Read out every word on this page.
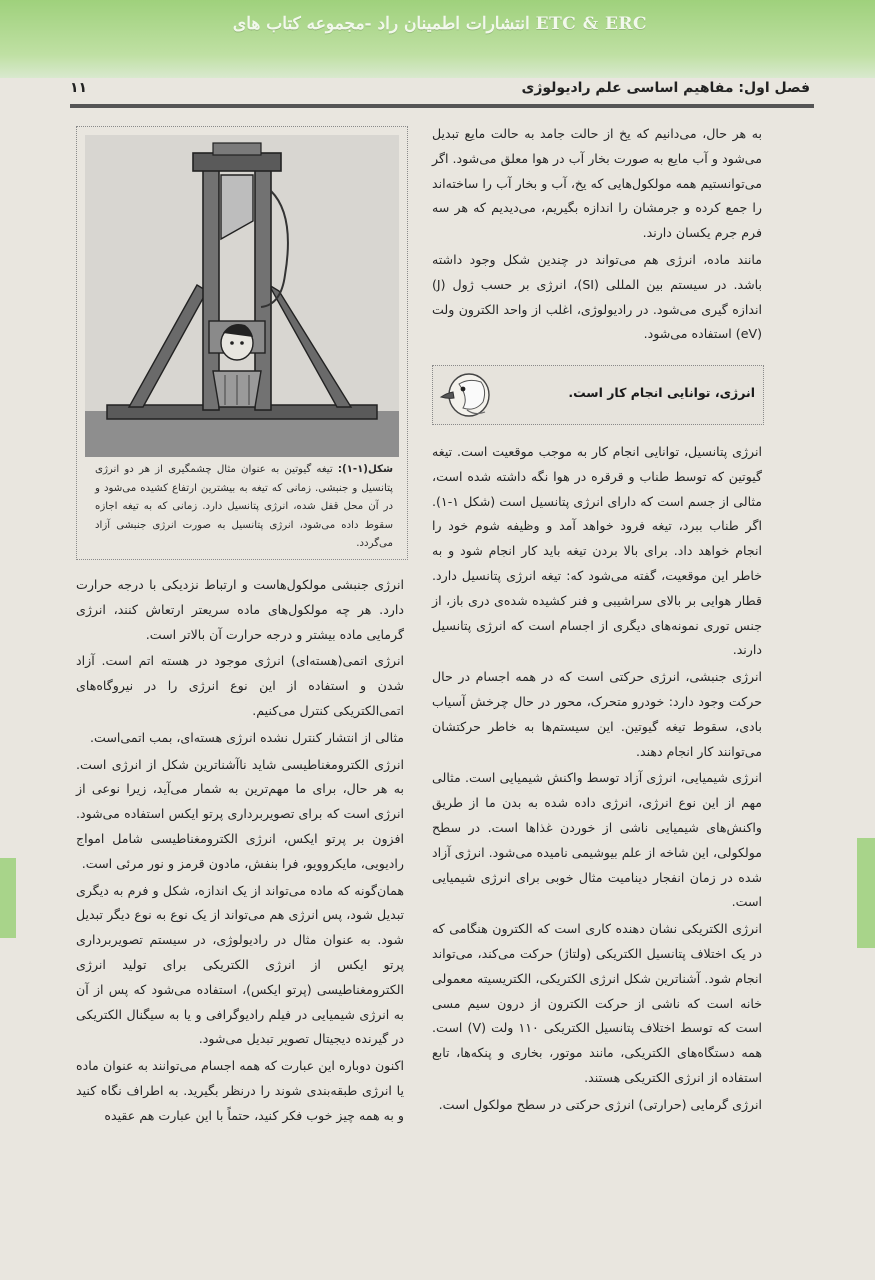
انتشارات اطمینان راد -مجموعه کتاب های ETC & ERC
فصل اول: مفاهیم اساسی علم رادیولوژی
۱۱

به هر حال، می‌دانیم که یخ از حالت جامد به حالت مایع تبدیل می‌شود و آب مایع به صورت بخار آب در هوا معلق می‌شود. اگر می‌توانستیم همه مولکول‌هایی که یخ، آب و بخار آب را ساخته‌اند را جمع کرده و جرمشان را اندازه بگیریم، می‌دیدیم که هر سه فرم جرم یکسان دارند.

مانند ماده، انرژی هم می‌تواند در چندین شکل وجود داشته باشد. در سیستم بین المللی (SI)، انرژی بر حسب ژول (J) اندازه گیری می‌شود. در رادیولوژی، اغلب از واحد الکترون ولت (eV) استفاده می‌شود.

انرژی، توانایی انجام کار است.

انرژی پتانسیل، توانایی انجام کار به موجب موقعیت است. تیغه گیوتین که توسط طناب و قرقره در هوا نگه داشته شده است، مثالی از جسم است که دارای انرژی پتانسیل است (شکل ۱-۱). اگر طناب ببرد، تیغه فرود خواهد آمد و وظیفه شوم خود را انجام خواهد داد. برای بالا بردن تیغه باید کار انجام شود و به خاطر این موقعیت، گفته می‌شود که: تیغه انرژی پتانسیل دارد. قطار هوایی بر بالای سراشیبی و فنر کشیده شده‌ی دری باز، از جنس توری نمونه‌های دیگری از اجسام است که انرژی پتانسیل دارند.

انرژی جنبشی، انرژی حرکتی است که در همه اجسام در حال حرکت وجود دارد: خودرو متحرک، محور در حال چرخش آسیاب بادی، سقوط تیغه گیوتین. این سیستم‌ها به خاطر حرکتشان می‌توانند کار انجام دهند.

انرژی شیمیایی، انرژی آزاد توسط واکنش شیمیایی است. مثالی مهم از این نوع انرژی، انرژی داده شده به بدن ما از طریق واکنش‌های شیمیایی ناشی از خوردن غذاها است. در سطح مولکولی، این شاخه از علم بیوشیمی نامیده می‌شود. انرژی آزاد شده در زمان انفجار دینامیت مثال خوبی برای انرژی شیمیایی است.

انرژی الکتریکی نشان دهنده کاری است که الکترون هنگامی که در یک اختلاف پتانسیل الکتریکی (ولتاژ) حرکت می‌کند، می‌تواند انجام شود. آشناترین شکل انرژی الکتریکی، الکتریسیته معمولی خانه است که ناشی از حرکت الکترون از درون سیم مسی است که توسط اختلاف پتانسیل الکتریکی ۱۱۰ ولت (V) است. همه دستگاه‌های الکتریکی، مانند موتور، بخاری و پنکه‌ها، تابع استفاده از انرژی الکتریکی هستند.

انرژی گرمایی (حرارتی) انرژی حرکتی در سطح مولکول است.

شکل(۱-۱): تیغه گیوتین به عنوان مثال چشمگیری از هر دو انرژی پتانسیل و جنبشی. زمانی که تیغه به بیشترین ارتفاع کشیده می‌شود و در آن محل قفل شده، انرژی پتانسیل دارد. زمانی که به تیغه اجازه سقوط داده می‌شود، انرژی پتانسیل به صورت انرژی جنبشی آزاد می‌گردد.

انرژی جنبشی مولکول‌هاست و ارتباط نزدیکی با درجه حرارت دارد. هر چه مولکول‌های ماده سریعتر ارتعاش کنند، انرژی گرمایی ماده بیشتر و درجه حرارت آن بالاتر است.

انرژی اتمی(هسته‌ای) انرژی موجود در هسته اتم است. آزاد شدن و استفاده از این نوع انرژی را در نیروگاه‌های اتمی‌الکتریکی کنترل می‌کنیم.

مثالی از انتشار کنترل نشده انرژی هسته‌ای، بمب اتمی‌است.

انرژی الکترومغناطیسی شاید ناآشناترین شکل از انرژی است. به هر حال، برای ما مهم‌ترین به شمار می‌آید، زیرا نوعی از انرژی است که برای تصویربرداری پرتو ایکس استفاده می‌شود. افزون بر پرتو ایکس، انرژی الکترومغناطیسی شامل امواج رادیویی، مایکروویو، فرا بنفش، مادون قرمز و نور مرئی است.

همان‌گونه که ماده می‌تواند از یک اندازه، شکل و فرم به دیگری تبدیل شود، پس انرژی هم می‌تواند از یک نوع به نوع دیگر تبدیل شود. به عنوان مثال در رادیولوژی، در سیستم تصویربرداری پرتو ایکس از انرژی الکتریکی برای تولید انرژی الکترومغناطیسی (پرتو ایکس)، استفاده می‌شود که پس از آن به انرژی شیمیایی در فیلم رادیوگرافی و یا به سیگنال الکتریکی در گیرنده دیجیتال تصویر تبدیل می‌شود.

اکنون دوباره این عبارت که همه اجسام می‌توانند به عنوان ماده یا انرژی طبقه‌بندی شوند را درنظر بگیرید. به اطراف نگاه کنید و به همه چیز خوب فکر کنید، حتماً با این عبارت هم عقیده
